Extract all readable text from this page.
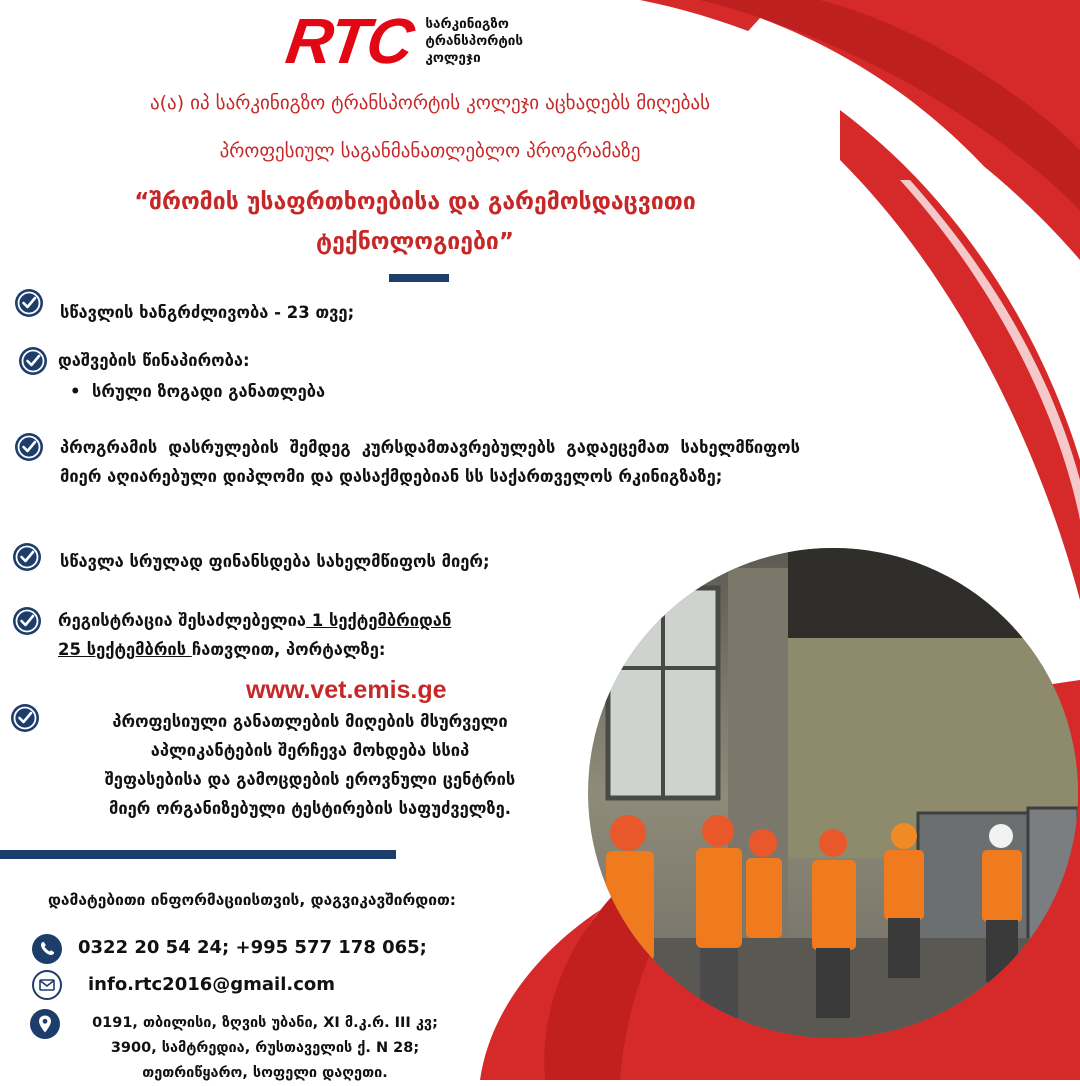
RTC სარკინიგზო
ტრანსპორტის
კოლეჯი
ა(ა) იპ სარკინიგზო ტრანსპორტის კოლეჯი აცხადებს მიღებას
პროფესიულ საგანმანათლებლო პროგრამაზე
“შრომის უსაფრთხოებისა და გარემოსდაცვითი
ტექნოლოგიები”
სწავლის ხანგრძლივობა - 23 თვე;
დაშვების წინაპირობა:
•  სრული ზოგადი განათლება
პროგრამის დასრულების შემდეგ კურსდამთავრებულებს გადაეცემათ სახელმწიფოს მიერ აღიარებული დიპლომი და დასაქმდებიან სს საქართველოს რკინიგზაზე;
სწავლა სრულად ფინანსდება სახელმწიფოს მიერ;
რეგისტრაცია შესაძლებელია 1 სექტემბრიდან
25 სექტემბრის ჩათვლით, პორტალზე:
www.vet.emis.ge
პროფესიული განათლების მიღების მსურველი
აპლიკანტების შერჩევა მოხდება სსიპ
შეფასებისა და გამოცდების ეროვნული ცენტრის
მიერ ორგანიზებული ტესტირების საფუძველზე.
დამატებითი ინფორმაციისთვის, დაგვიკავშირდით:
0322 20 54 24; +995 577 178 065;
info.rtc2016@gmail.com
0191, თბილისი, ზღვის უბანი, XI მ.კ.რ. III კვ;
3900, სამტრედია, რუსთაველის ქ. N 28;
თეთრიწყარო, სოფელი დაღეთი.
